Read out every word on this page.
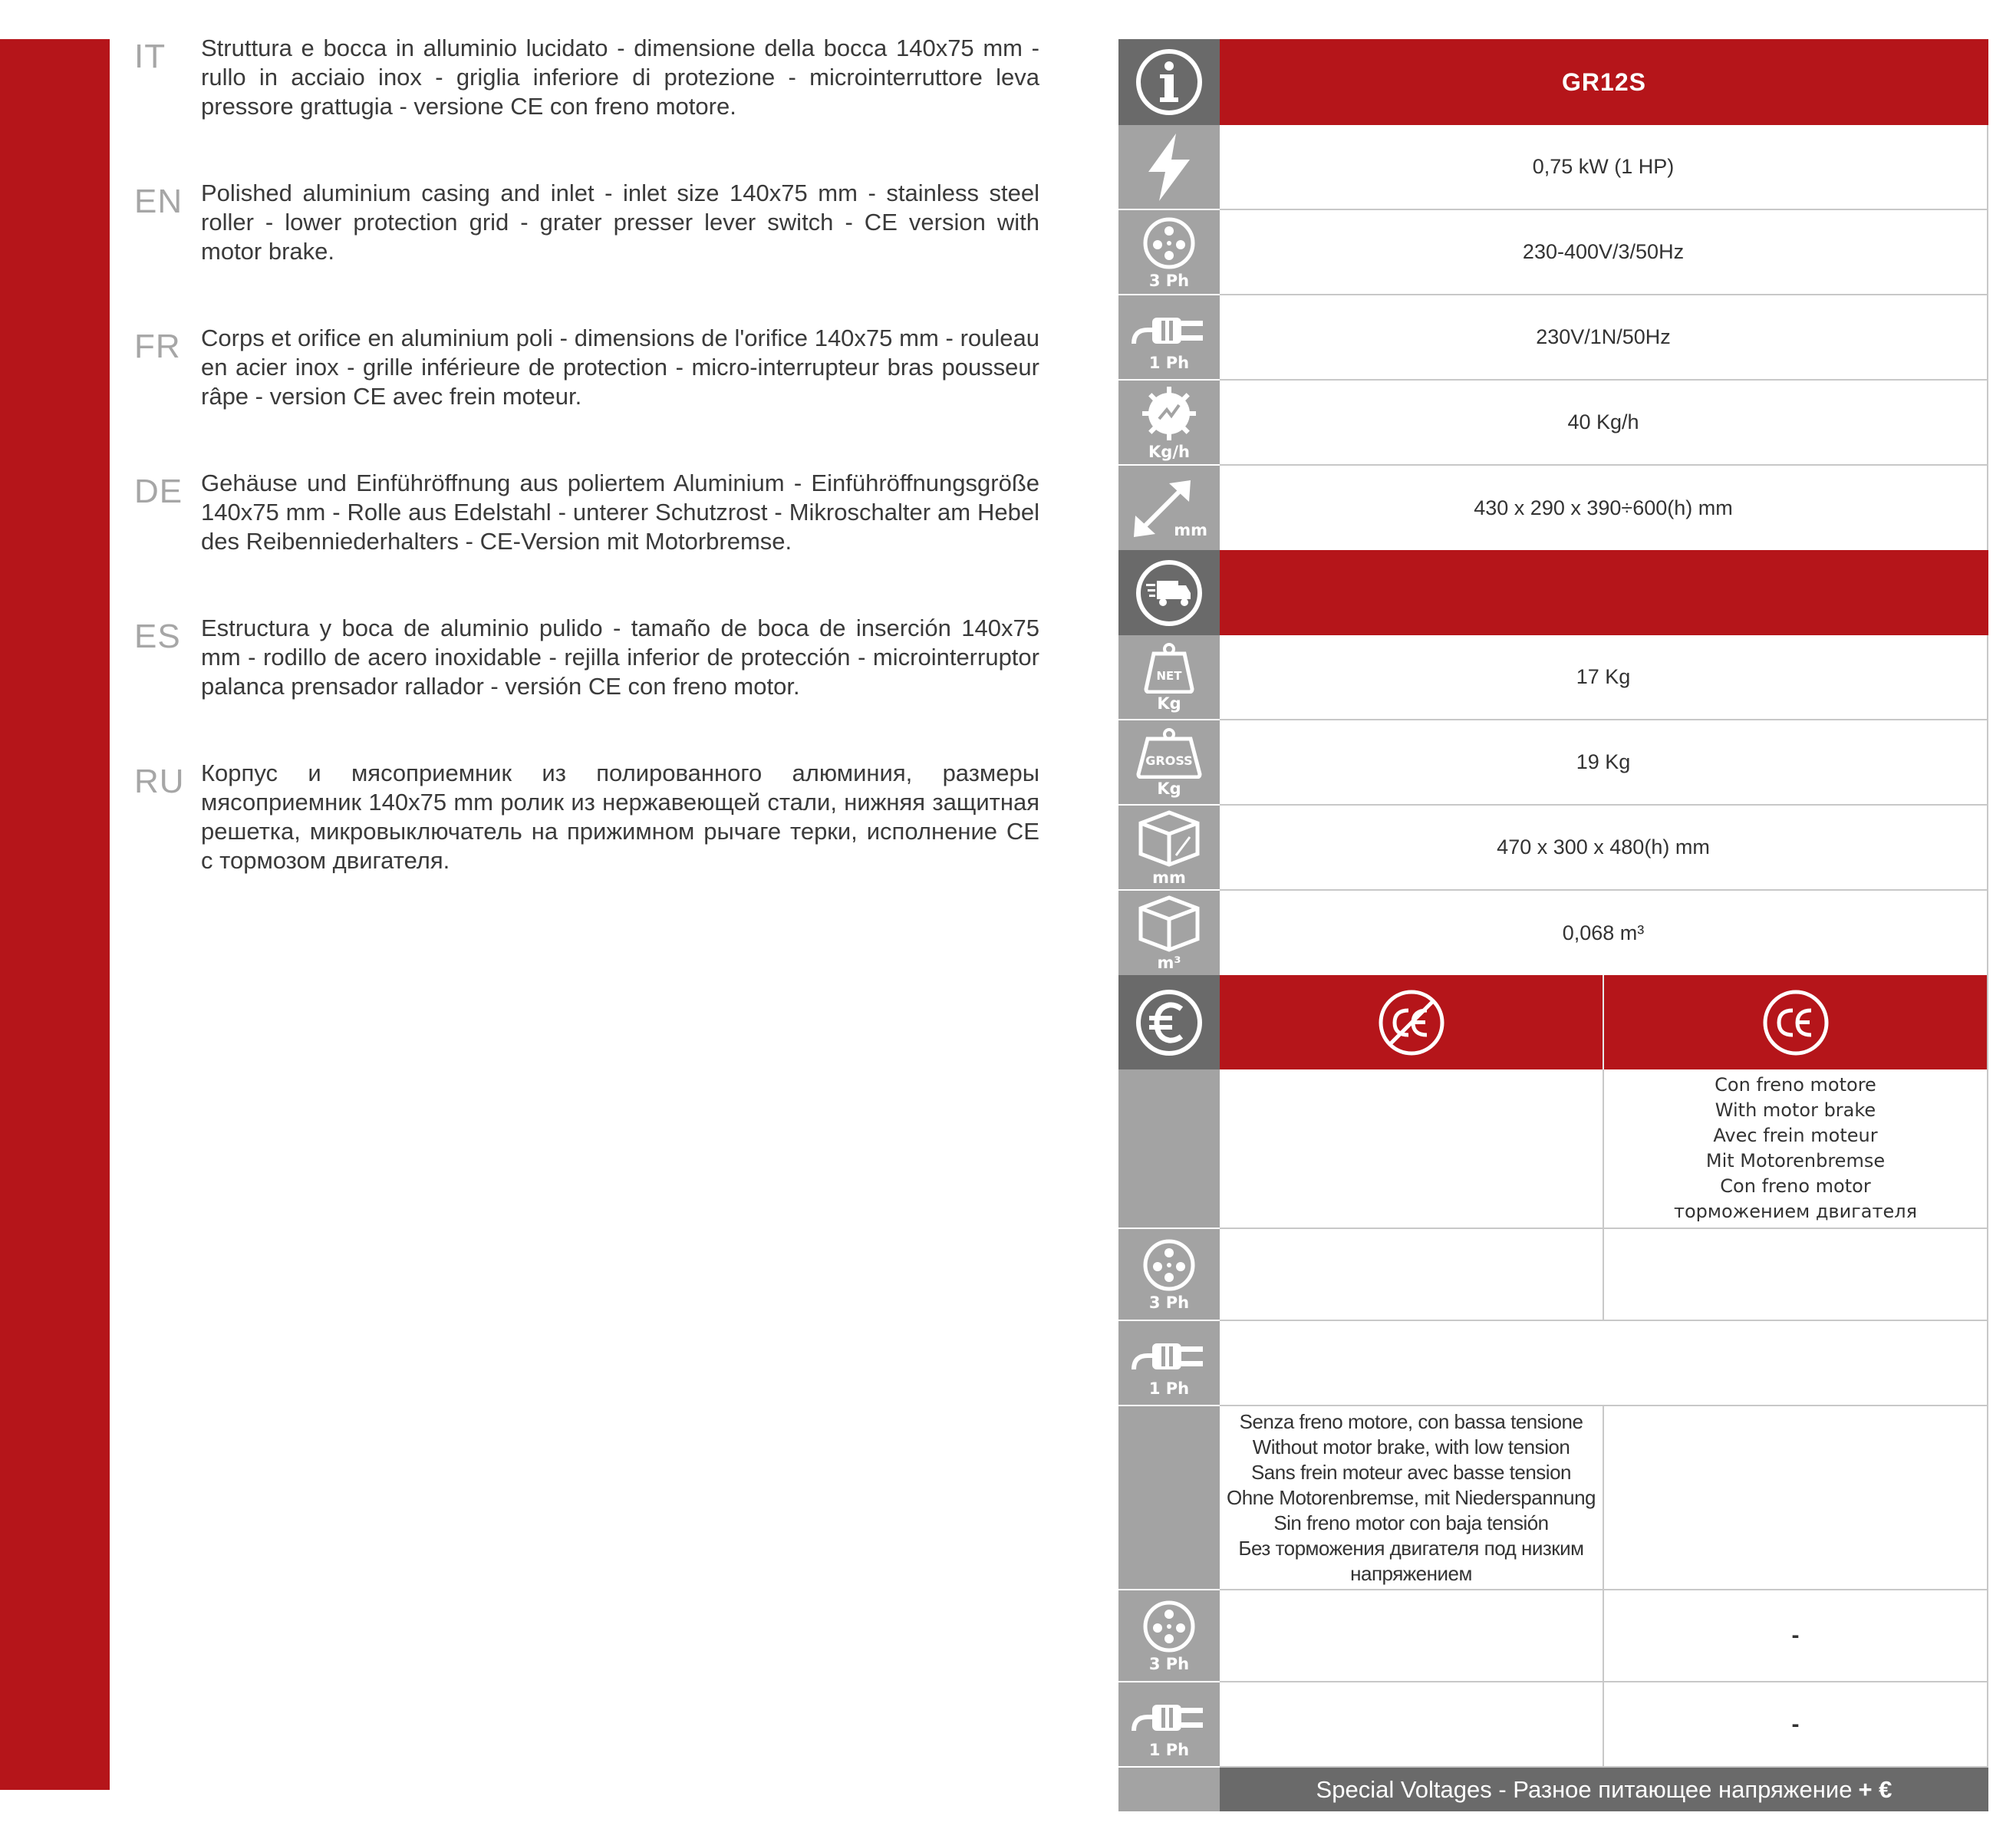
IT	Struttura e bocca in alluminio lucidato - dimensione della bocca 140x75 mm - rullo in acciaio inox - griglia inferiore di protezione - microinterruttore leva pressore grattugia - versione CE con freno motore.
EN Polished aluminium casing and inlet - inlet size 140x75 mm - stainless steel roller - lower protection grid - grater presser lever switch - CE version with motor brake.
FR Corps et orifice en aluminium poli - dimensions de l'orifice 140x75 mm - rouleau en acier inox - grille inférieure de protection - micro-interrupteur bras pousseur râpe - version CE avec frein moteur.
DE Gehäuse und Einführöffnung aus poliertem Aluminium - Einführöffnungsgröße 140x75 mm - Rolle aus Edelstahl - unterer Schutzrost - Mikroschalter am Hebel des Reibenniederhalters - CE-Version mit Motorbremse.
ES Estructura y boca de aluminio pulido - tamaño de boca de inserción 140x75 mm - rodillo de acero inoxidable - rejilla inferior de protección - microinterruptor palanca prensador rallador - versión CE con freno motor.
RU Корпус и мясоприемник из полированного алюминия, размеры мясоприемник 140x75 mm ролик из нержавеющей стали, нижняя защитная решетка, микровыключатель на прижимном рычаге терки, исполнение CE с тормозом двигателя.
GR12S
0,75 kW (1 HP)
3 Ph
230-400V/3/50Hz
1 Ph
230V/1N/50Hz
Kg/h
40 Kg/h
mm
430 x 290 x 390÷600(h) mm
NET
Kg
17 Kg
GROSS
Kg
19 Kg
mm
470 x 300 x 480(h) mm
m³
0,068 m³
Con freno motore
With motor brake
Avec frein moteur
Mit Motorenbremse
Con freno motor
торможением двигателя
3 Ph
1 Ph
Senza freno motore, con bassa tensione
Without motor brake, with low tension
Sans frein moteur avec basse tension
Ohne Motorenbremse, mit Niederspannung
Sin freno motor con baja tensión
Без торможения двигателя под низким
напряжением
3 Ph
-
1 Ph
-
Special Voltages - Разное питающее напряжение + €
